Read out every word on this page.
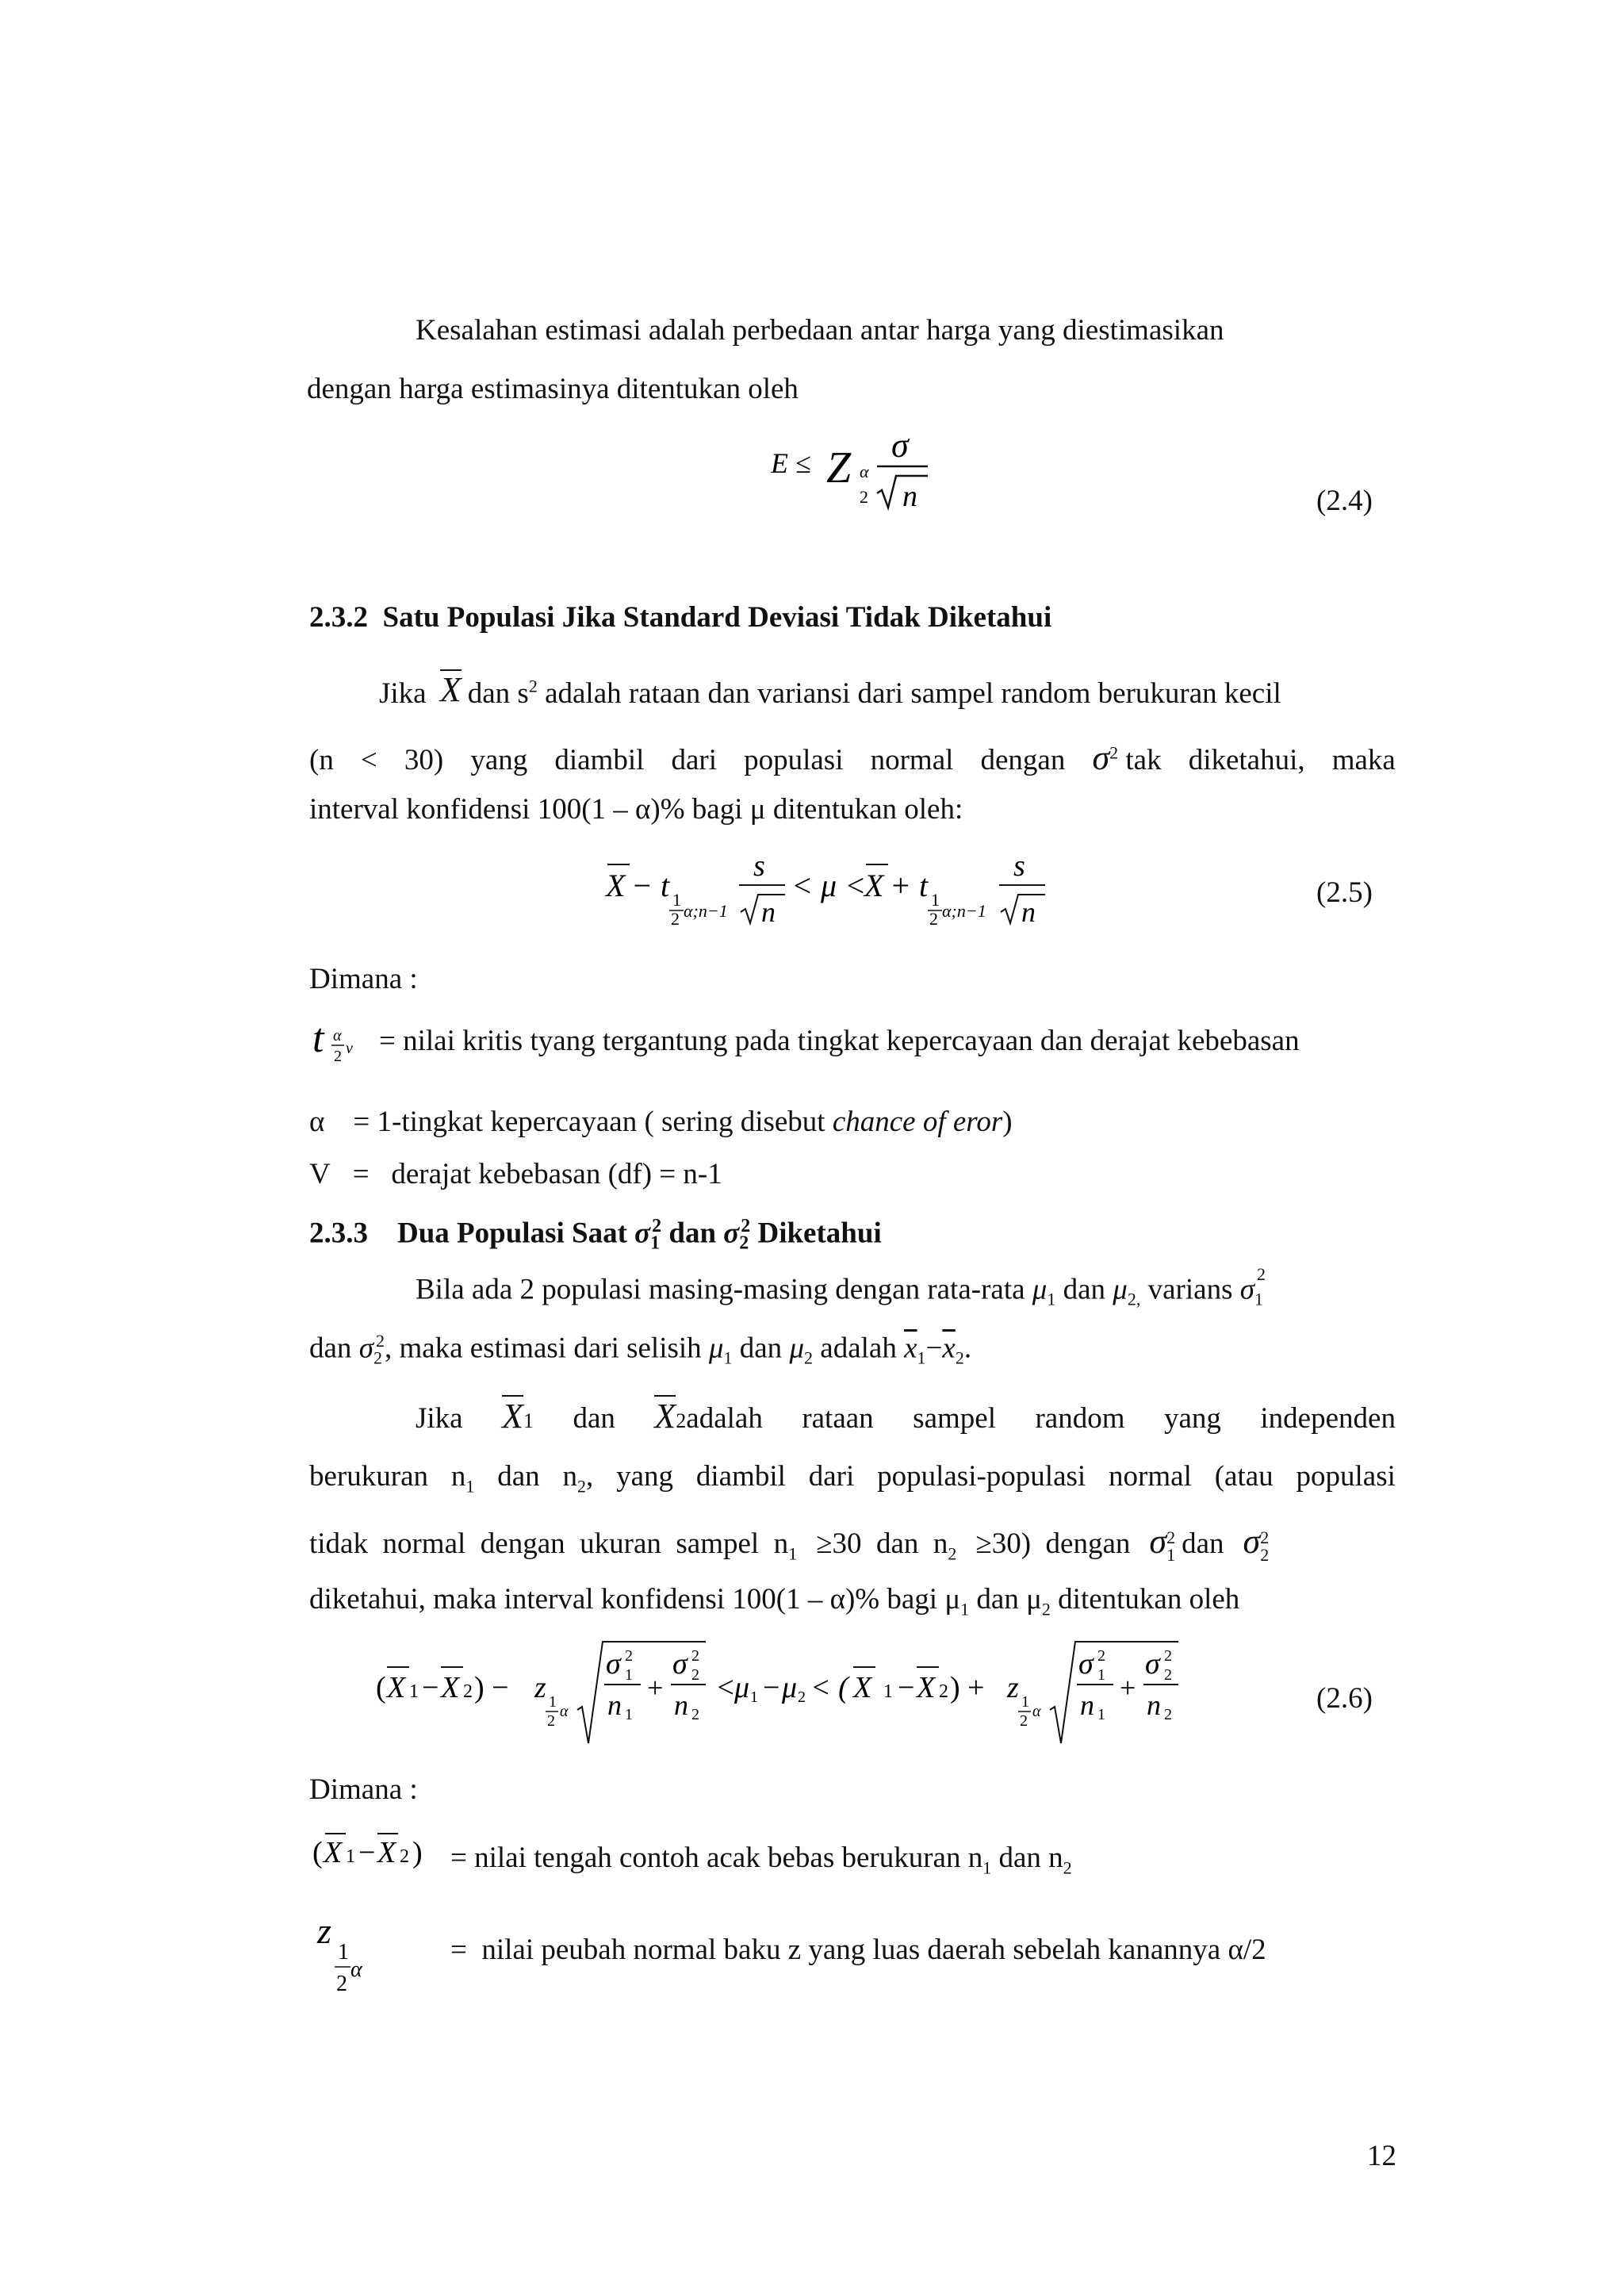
Kesalahan estimasi adalah perbedaan antar harga yang diestimasikan
dengan harga estimasinya ditentukan oleh
E ≤ Z α
2
σ
n	(2.4)
2.3.2  Satu Populasi Jika Standard Deviasi Tidak Diketahui
Jika X dan $s^2$ adalah rataan dan variansi dari sampel random berukuran kecil
(n < 30) yang diambil dari populasi normal dengan $\sigma^2$ tak diketahui, maka
interval konfidensi 100(1 – α)% bagi μ ditentukan oleh:
X − t 1
2 α;n−1
s
n
< μ <
X + t 1
2 α;n−1
s
n
(2.5)
Dimana :
t α
2 v = nilai kritis tyang tergantung pada tingkat kepercayaan dan derajat kebebasan
α = 1-tingkat kepercayaan ( sering disebut chance of eror)
V =   derajat kebebasan (df) = n-1
2.3.3    Dua Populasi Saat $\sigma_1^2$ dan $\sigma_2^2$ Diketahui
Bila ada 2 populasi masing-masing dengan rata-rata $\mu_1$ dan $\mu_{2,}$ varians $\sigma_1^2$
dan $\sigma_2^2$, maka estimasi dari selisih $\mu_1$ dan $\mu_2$ adalah $\overline{x}_1-\overline{x}_2$.
Jika X1 dan X2adalah rataan sampel random yang independen
berukuran $n_1$ dan $n_2$, yang diambil dari populasi-populasi normal (atau populasi
tidak  normal  dengan  ukuran  sampel  $n_1 \ge 30$  dan  $n_2 \ge 30$)  dengan σ 2
1 dan σ 2
2
diketahui, maka interval konfidensi 100(1 – α)% bagi $\mu_1$ dan $\mu_2$ ditentukan oleh
( X 1 − X 2 ) − z 1
2
α
σ 2
1
n 1
+
σ 2
2
n 2
<
μ 1 − μ 2 < ( X 1 − X 2 ) + z 1
2
α
σ 2
1
n 1
+
σ 2
2
n 2	(2.6)
Dimana :
( X 1 − X 2 ) = nilai tengah contoh acak bebas berukuran $n_1$ dan $n_2$
z
1
2
α
=  nilai peubah normal baku z yang luas daerah sebelah kanannya α/2
12
